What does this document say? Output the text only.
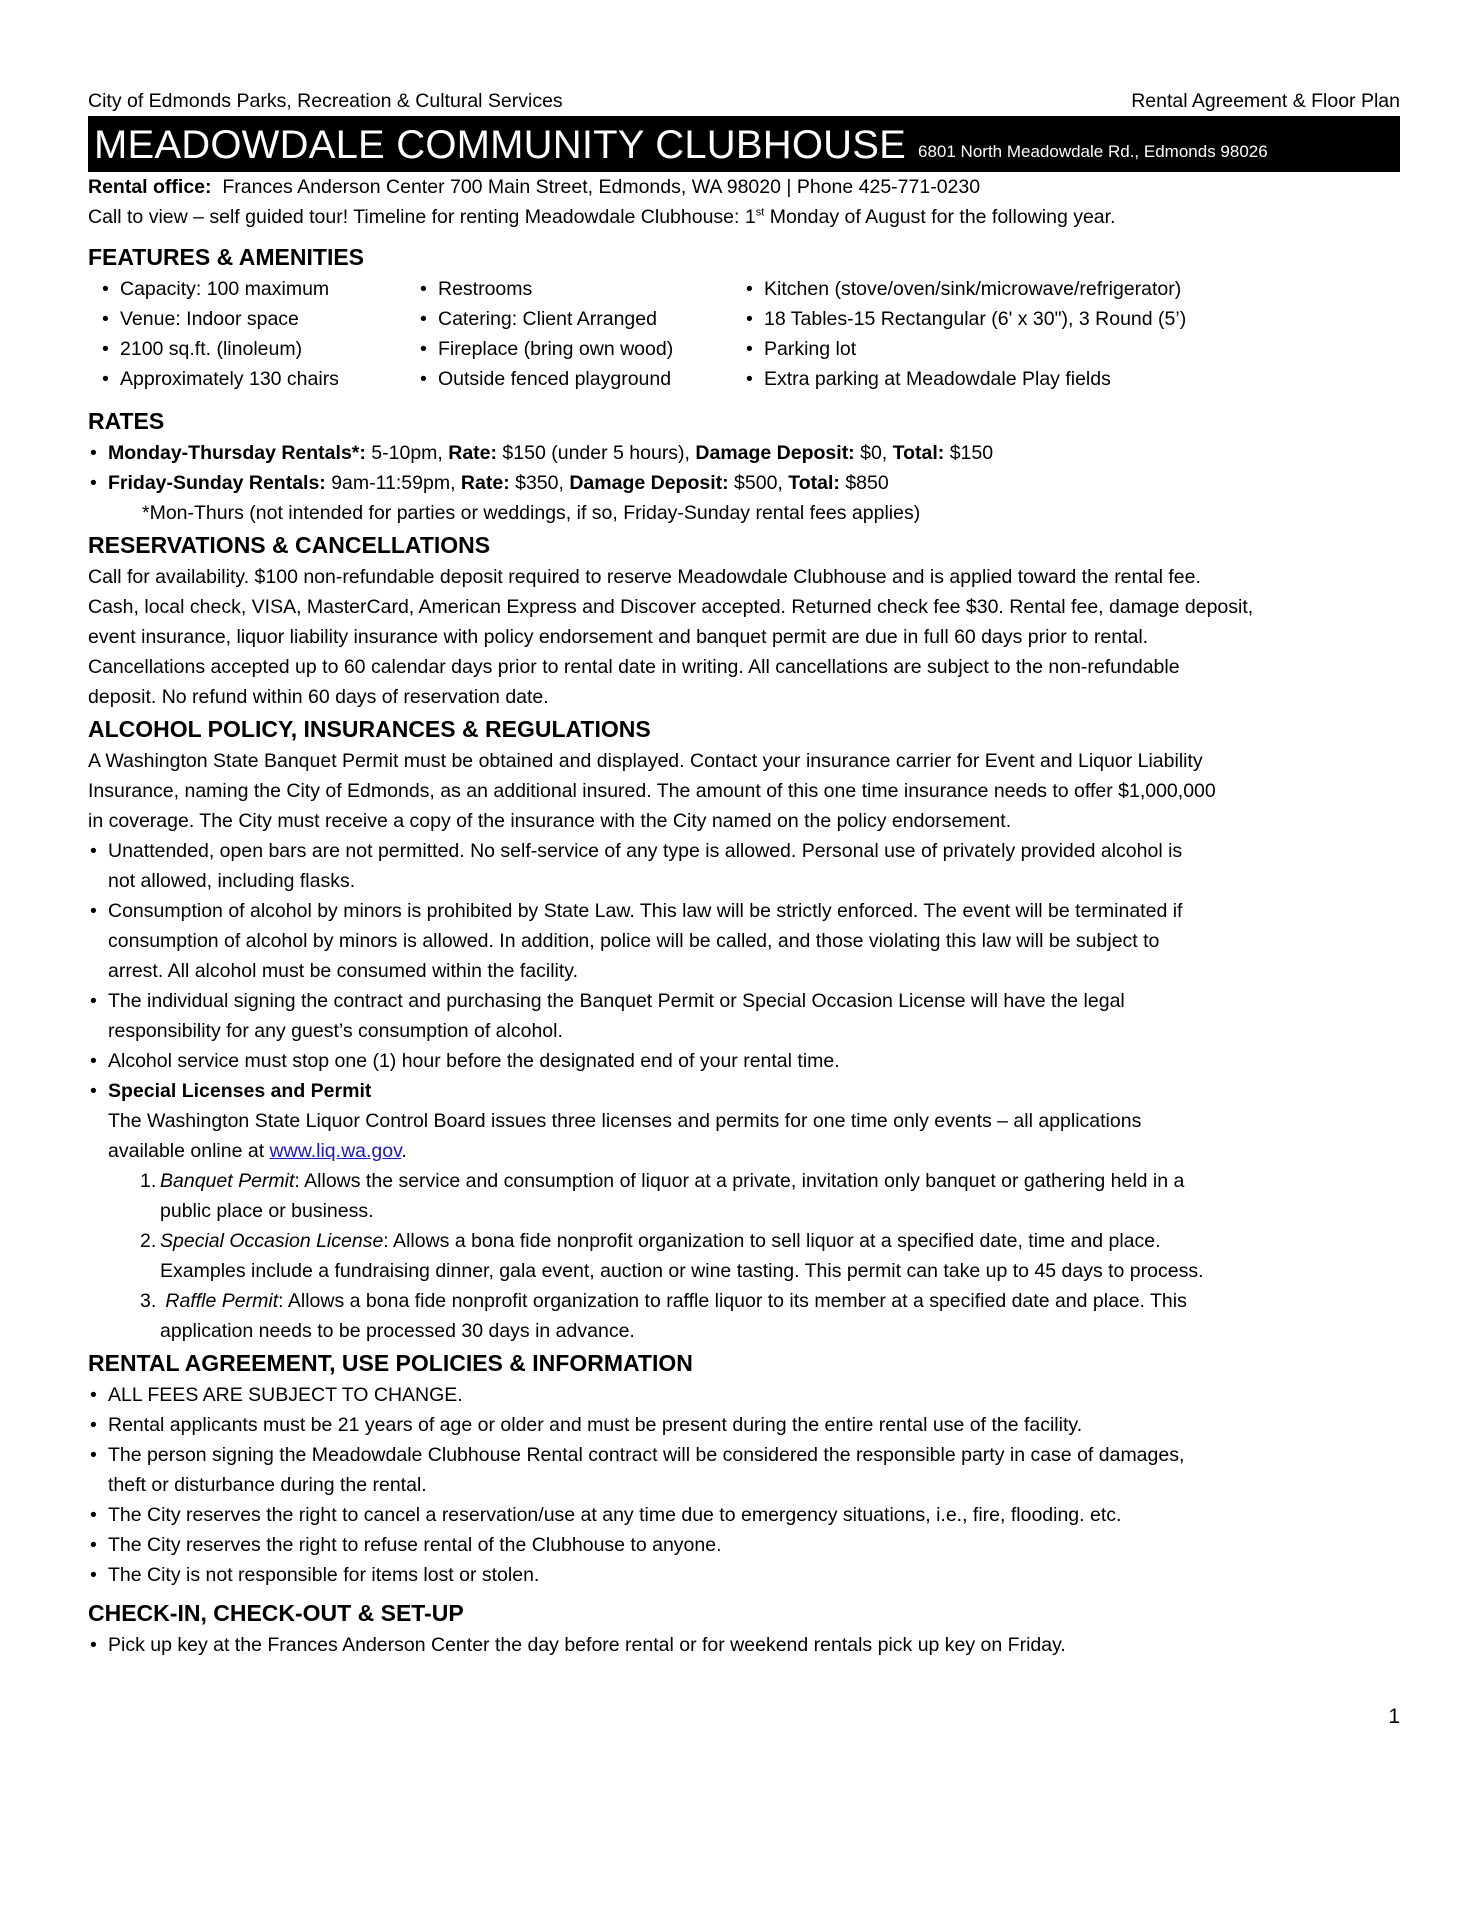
City of Edmonds Parks, Recreation & Cultural Services	Rental Agreement & Floor Plan
MEADOWDALE COMMUNITY CLUBHOUSE 6801 North Meadowdale Rd., Edmonds 98026

Rental office: Frances Anderson Center 700 Main Street, Edmonds, WA 98020 | Phone 425-771-0230

Call to view – self guided tour! Timeline for renting Meadowdale Clubhouse: 1st Monday of August for the following year.

FEATURES & AMENITIES
• Capacity: 100 maximum
• Venue: Indoor space
• 2100 sq.ft. (linoleum)
• Approximately 130 chairs
• Restrooms
• Catering: Client Arranged
• Fireplace (bring own wood)
• Outside fenced playground
• Kitchen (stove/oven/sink/microwave/refrigerator)
• 18 Tables-15 Rectangular (6' x 30"), 3 Round (5’)
• Parking lot
• Extra parking at Meadowdale Play fields
RATES
• Monday-Thursday Rentals*: 5-10pm, Rate: $150 (under 5 hours), Damage Deposit: $0, Total: $150
• Friday-Sunday Rentals: 9am-11:59pm, Rate: $350, Damage Deposit: $500, Total: $850

*Mon-Thurs (not intended for parties or weddings, if so, Friday-Sunday rental fees applies)

RESERVATIONS & CANCELLATIONS

Call for availability. $100 non-refundable deposit required to reserve Meadowdale Clubhouse and is applied toward the rental fee.

Cash, local check, VISA, MasterCard, American Express and Discover accepted. Returned check fee $30. Rental fee, damage deposit,

event insurance, liquor liability insurance with policy endorsement and banquet permit are due in full 60 days prior to rental.

Cancellations accepted up to 60 calendar days prior to rental date in writing. All cancellations are subject to the non-refundable

deposit. No refund within 60 days of reservation date.

ALCOHOL POLICY, INSURANCES & REGULATIONS

A Washington State Banquet Permit must be obtained and displayed. Contact your insurance carrier for Event and Liquor Liability

Insurance, naming the City of Edmonds, as an additional insured. The amount of this one time insurance needs to offer $1,000,000

in coverage. The City must receive a copy of the insurance with the City named on the policy endorsement.

• Unattended, open bars are not permitted. No self-service of any type is allowed. Personal use of privately provided alcohol is
not allowed, including flasks.
• Consumption of alcohol by minors is prohibited by State Law. This law will be strictly enforced. The event will be terminated if
consumption of alcohol by minors is allowed. In addition, police will be called, and those violating this law will be subject to
arrest. All alcohol must be consumed within the facility.
• The individual signing the contract and purchasing the Banquet Permit or Special Occasion License will have the legal
responsibility for any guest’s consumption of alcohol.
• Alcohol service must stop one (1) hour before the designated end of your rental time.
• Special Licenses and Permit
The Washington State Liquor Control Board issues three licenses and permits for one time only events – all applications
available online at www.liq.wa.gov.
1. Banquet Permit: Allows the service and consumption of liquor at a private, invitation only banquet or gathering held in a
public place or business.
2. Special Occasion License: Allows a bona fide nonprofit organization to sell liquor at a specified date, time and place.
Examples include a fundraising dinner, gala event, auction or wine tasting. This permit can take up to 45 days to process.
3. Raffle Permit: Allows a bona fide nonprofit organization to raffle liquor to its member at a specified date and place. This
application needs to be processed 30 days in advance.
RENTAL AGREEMENT, USE POLICIES & INFORMATION
• ALL FEES ARE SUBJECT TO CHANGE.
• Rental applicants must be 21 years of age or older and must be present during the entire rental use of the facility.
• The person signing the Meadowdale Clubhouse Rental contract will be considered the responsible party in case of damages,
theft or disturbance during the rental.
• The City reserves the right to cancel a reservation/use at any time due to emergency situations, i.e., fire, flooding. etc.
• The City reserves the right to refuse rental of the Clubhouse to anyone.
• The City is not responsible for items lost or stolen.
CHECK-IN, CHECK-OUT & SET-UP
• Pick up key at the Frances Anderson Center the day before rental or for weekend rentals pick up key on Friday.
1
